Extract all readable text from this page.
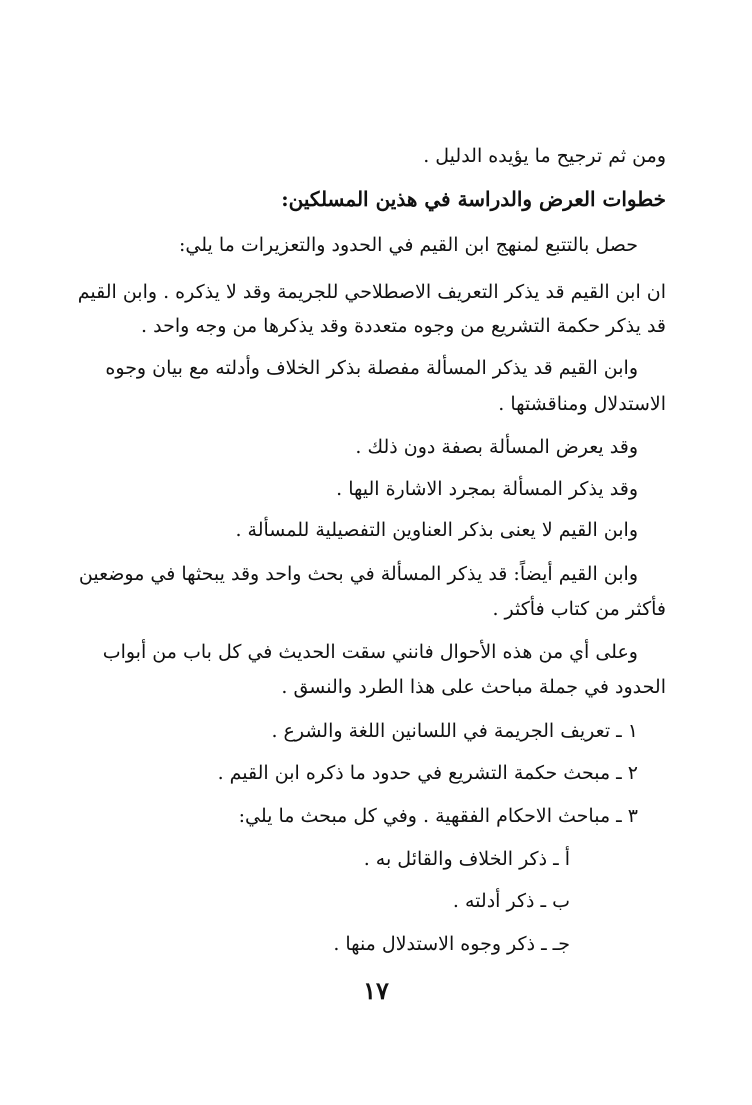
ومن ثم ترجيح ما يؤيده الدليل .
خطوات العرض والدراسة في هذين المسلكين:
حصل بالتتبع لمنهج ابن القيم في الحدود والتعزيرات ما يلي:
ان ابن القيم قد يذكر التعريف الاصطلاحي للجريمة وقد لا يذكره . وابن القيم
قد يذكر حكمة التشريع من وجوه متعددة وقد يذكرها من وجه واحد .
وابن القيم قد يذكر المسألة مفصلة بذكر الخلاف وأدلته مع بيان وجوه
الاستدلال ومناقشتها .
وقد يعرض المسألة بصفة دون ذلك .
وقد يذكر المسألة بمجرد الاشارة اليها .
وابن القيم لا يعنى بذكر العناوين التفصيلية للمسألة .
وابن القيم أيضاً: قد يذكر المسألة في بحث واحد وقد يبحثها في موضعين
فأكثر من كتاب فأكثر .
وعلى أي من هذه الأحوال فانني سقت الحديث في كل باب من أبواب
الحدود في جملة مباحث على هذا الطرد والنسق .
١ ـ تعريف الجريمة في اللسانين اللغة والشرع .
٢ ـ مبحث حكمة التشريع في حدود ما ذكره ابن القيم .
٣ ـ مباحث الاحكام الفقهية . وفي كل مبحث ما يلي:
أ ـ ذكر الخلاف والقائل به .
ب ـ ذكر أدلته .
جـ ـ ذكر وجوه الاستدلال منها .
١٧
